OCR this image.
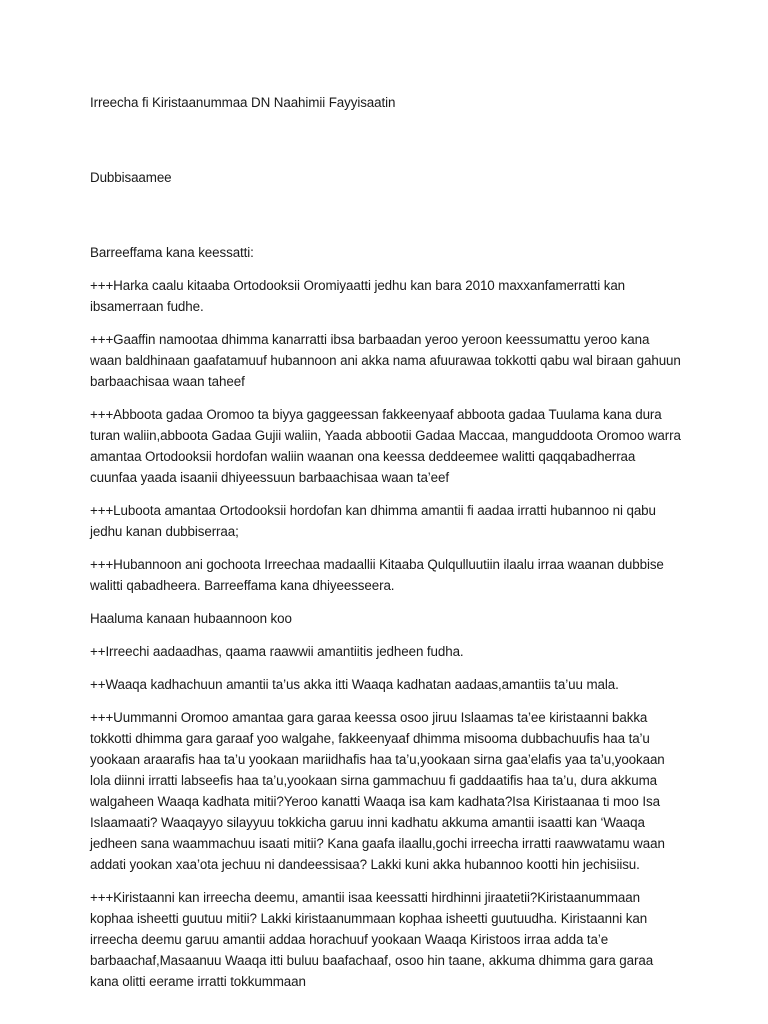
Irreecha fi Kiristaanummaa DN Naahimii Fayyisaatin

Dubbisaamee

Barreeffama kana keessatti:

+++Harka caalu kitaaba Ortodooksii Oromiyaatti jedhu kan bara 2010 maxxanfamerratti kan ibsamerraan fudhe.

+++Gaaffin namootaa dhimma kanarratti ibsa barbaadan yeroo yeroon keessumattu yeroo kana waan baldhinaan gaafatamuuf hubannoon ani akka nama afuurawaa tokkotti qabu wal biraan gahuun barbaachisaa waan taheef

+++Abboota gadaa Oromoo ta biyya gaggeessan fakkeenyaaf abboota gadaa Tuulama kana dura turan waliin,abboota Gadaa Gujii waliin, Yaada abbootii Gadaa Maccaa, manguddoota Oromoo warra amantaa Ortodooksii hordofan waliin waanan ona keessa deddeemee walitti qaqqabadherraa cuunfaa yaada isaanii dhiyeessuun barbaachisaa waan ta’eef

+++Luboota amantaa Ortodooksii hordofan kan dhimma amantii fi aadaa irratti hubannoo ni qabu jedhu kanan dubbiserraa;

+++Hubannoon ani gochoota Irreechaa madaallii Kitaaba Qulqulluutiin ilaalu irraa waanan dubbise walitti qabadheera. Barreeffama kana dhiyeesseera.

Haaluma kanaan hubaannoon koo

++Irreechi aadaadhas, qaama raawwii amantiitis jedheen fudha.

++Waaqa kadhachuun amantii ta’us akka itti Waaqa kadhatan aadaas,amantiis ta’uu mala.

+++Uummanni Oromoo amantaa gara garaa keessa osoo jiruu Islaamas ta’ee kiristaanni bakka tokkotti dhimma gara garaaf yoo walgahe, fakkeenyaaf dhimma misooma dubbachuufis haa ta’u yookaan araarafis haa ta’u yookaan mariidhafis haa ta’u,yookaan sirna gaa’elafis yaa ta’u,yookaan lola diinni irratti labseefis haa ta’u,yookaan sirna gammachuu fi gaddaatifis haa ta’u, dura akkuma walgaheen Waaqa kadhata mitii?Yeroo kanatti Waaqa isa kam kadhata?Isa Kiristaanaa ti moo Isa Islaamaati? Waaqayyo silayyuu tokkicha garuu inni kadhatu akkuma amantii isaatti kan ‘Waaqa jedheen sana waammachuu isaati mitii? Kana gaafa ilaallu,gochi irreecha irratti raawwatamu waan addati yookan xaa’ota jechuu ni dandeessisaa? Lakki kuni akka hubannoo kootti hin jechisiisu.

+++Kiristaanni kan irreecha deemu, amantii isaa keessatti hirdhinni jiraatetii?Kiristaanummaan kophaa isheetti guutuu mitii? Lakki kiristaanummaan kophaa isheetti guutuudha. Kiristaanni kan irreecha deemu garuu amantii addaa horachuuf yookaan Waaqa Kiristoos irraa adda ta’e barbaachaf,Masaanuu Waaqa itti buluu baafachaaf, osoo hin taane, akkuma dhimma gara garaa kana olitti eerame irratti tokkummaan
